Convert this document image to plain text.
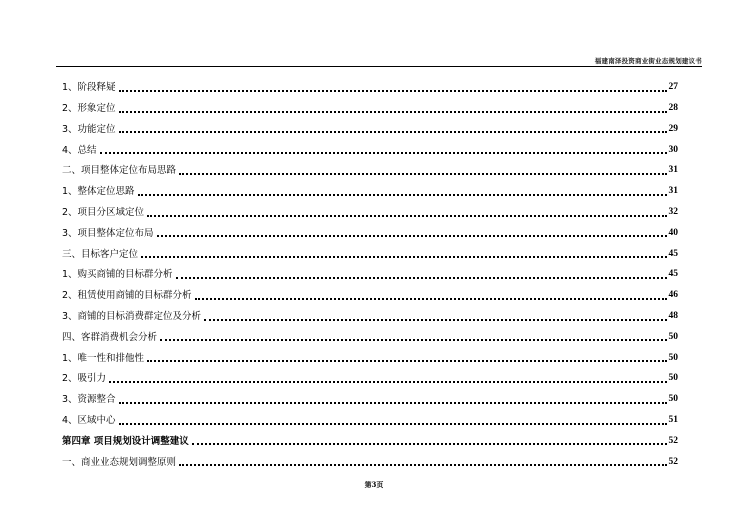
福建南泽投资商业街业态规划建议书
1、阶段释疑	27
2、形象定位	28
3、功能定位	29
4、总结	30
二、项目整体定位布局思路	31
1、整体定位思路	31
2、项目分区域定位	32
3、项目整体定位布局	40
三、目标客户定位	45
1、购买商铺的目标群分析	45
2、租赁使用商铺的目标群分析	46
3、商铺的目标消费群定位及分析	48
四、客群消费机会分析	50
1、唯一性和排他性	50
2、吸引力	50
3、资源整合	50
4、区域中心	51
第四章 项目规划设计调整建议	52
一、商业业态规划调整原则	52
第3页
